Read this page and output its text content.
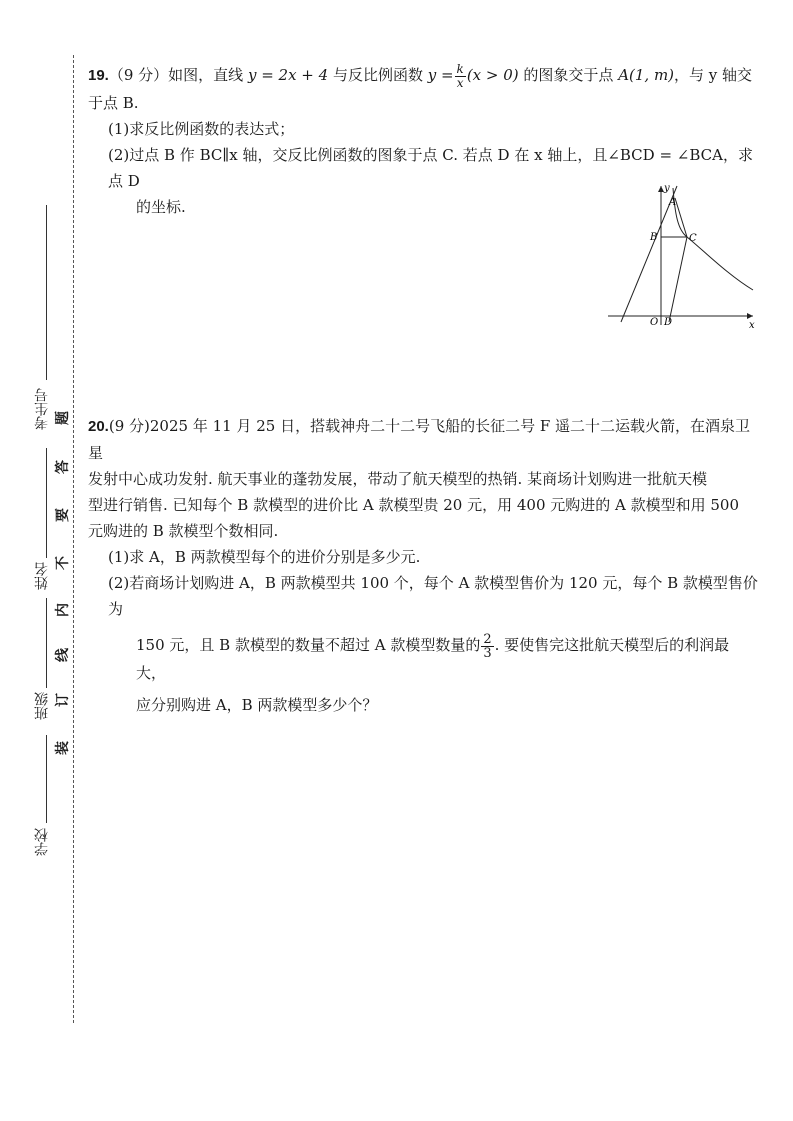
考生号
姓名
班级
学校
装
订
线
内
不
要
答
题

19.（9 分）如图，直线 y = 2x + 4 与反比例函数 $y = \frac{k}{x} (x > 0)$ 的图象交于点 A(1, m)，与 y 轴交于点 B.

(1)求反比例函数的表达式；

(2)过点 B 作 BC∥x 轴，交反比例函数的图象于点 C. 若点 D 在 x 轴上，且∠BCD = ∠BCA，求点 D

的坐标.

y
x
O
A
B	C
D

20.(9 分)2025 年 11 月 25 日，搭载神舟二十二号飞船的长征二号 F 遥二十二运载火箭，在酒泉卫星

发射中心成功发射. 航天事业的蓬勃发展，带动了航天模型的热销. 某商场计划购进一批航天模

型进行销售. 已知每个 B 款模型的进价比 A 款模型贵 20 元，用 400 元购进的 A 款模型和用 500

元购进的 B 款模型个数相同.

(1)求 A，B 两款模型每个的进价分别是多少元.

(2)若商场计划购进 A，B 两款模型共 100 个，每个 A 款模型售价为 120 元，每个 B 款模型售价为

150 元，且 B 款模型的数量不超过 A 款模型数量的 $\frac{2}{3}$ . 要使售完这批航天模型后的利润最大，

应分别购进 A，B 两款模型多少个？
